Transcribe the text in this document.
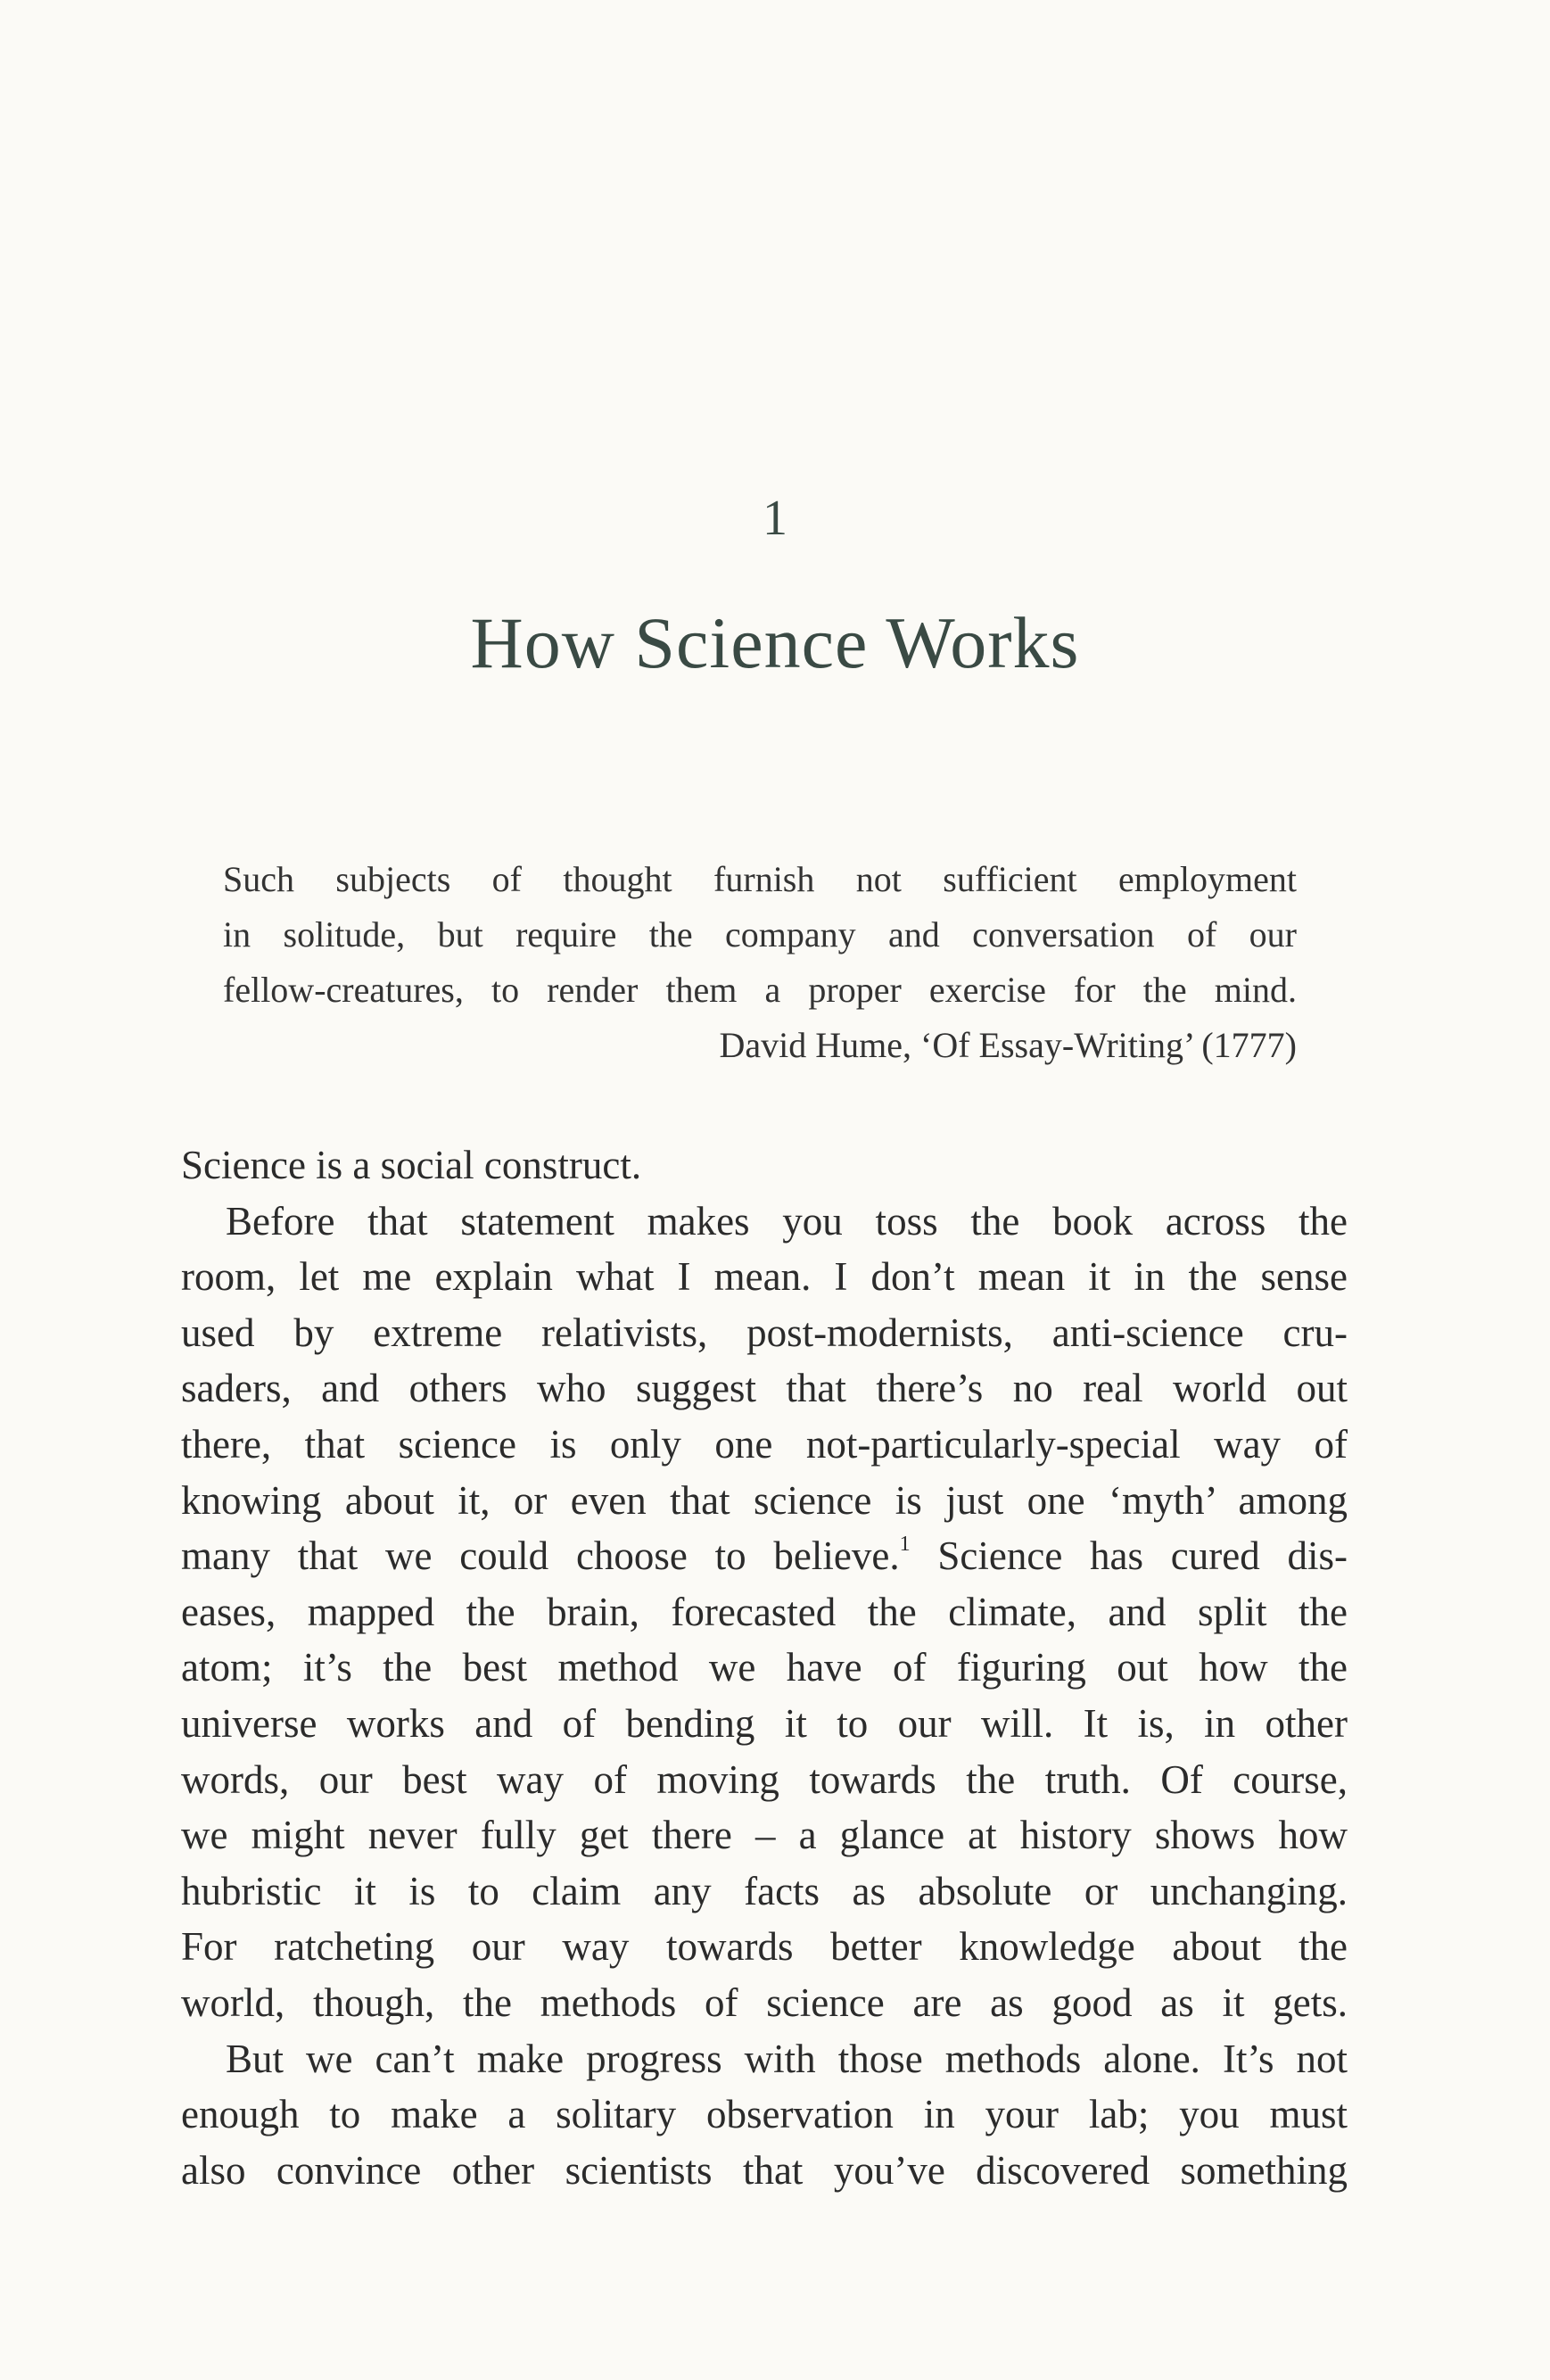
1
How Science Works
Such subjects of thought furnish not sufficient employment
in solitude, but require the company and conversation of our
fellow-creatures, to render them a proper exercise for the mind.
David Hume, ‘Of Essay-Writing’ (1777)
Science is a social construct.
Before that statement makes you toss the book across the
room, let me explain what I mean. I don’t mean it in the sense
used by extreme relativists, post-modernists, anti-science cru-
saders, and others who suggest that there’s no real world out
there, that science is only one not-particularly-special way of
knowing about it, or even that science is just one ‘myth’ among
many that we could choose to believe.$^1$ Science has cured dis-
eases, mapped the brain, forecasted the climate, and split the
atom; it’s the best method we have of figuring out how the
universe works and of bending it to our will. It is, in other
words, our best way of moving towards the truth. Of course,
we might never fully get there – a glance at history shows how
hubristic it is to claim any facts as absolute or unchanging.
For ratcheting our way towards better knowledge about the
world, though, the methods of science are as good as it gets.
But we can’t make progress with those methods alone. It’s not
enough to make a solitary observation in your lab; you must
also convince other scientists that you’ve discovered something
